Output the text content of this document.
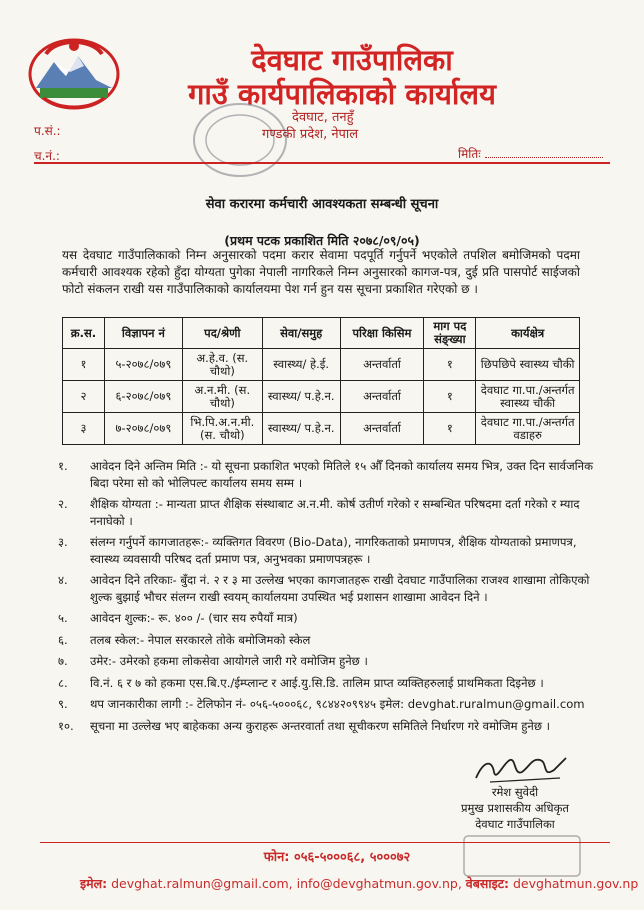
देवघाट गाउँपालिका
गाउँ कार्यपालिकाको कार्यालय
देवघाट, तनहुँ
गण्डकी प्रदेश, नेपाल
प.सं.:
च.नं.:	मितिः
सेवा करारमा कर्मचारी आवश्यकता सम्बन्धी सूचना
(प्रथम पटक प्रकाशित मिति २०७८/०९/०५)
यस देवघाट गाउँपालिकाको निम्न अनुसारको पदमा करार सेवामा पदपूर्ति गर्नुपर्ने भएकोले तपशिल बमोजिमको पदमा कर्मचारी आवश्यक रहेको हुँदा योग्यता पुगेका नेपाली नागरिकले निम्न अनुसारको कागज-पत्र, दुई प्रति पासपोर्ट साईजको फोटो संकलन राखी यस गाउँपालिकाको कार्यालयमा पेश गर्न हुन यस सूचना प्रकाशित गरेएको छ ।
क्र.स.	विज्ञापन नं	पद/श्रेणी	सेवा/समुह	परिक्षा किसिम	माग पद संङ्ख्या	कार्यक्षेत्र
१	५-२०७८/०७९	अ.हे.व. (स. चौथो)	स्वास्थ्य/ हे.ई.	अन्तर्वार्ता	१	छिपछिपे स्वास्थ्य चौकी
२	६-२०७८/०७९	अ.न.मी. (स. चौथो)	स्वास्थ्य/ प.हे.न.	अन्तर्वार्ता	१	देवघाट गा.पा./अन्तर्गत स्वास्थ्य चौकी
३	७-२०७८/०७९	भि.पि.अ.न.मी. (स. चौथो)	स्वास्थ्य/ प.हे.न.	अन्तर्वार्ता	१	देवघाट गा.पा./अन्तर्गत वडाहरु
१.	आवेदन दिने अन्तिम मिति :- यो सूचना प्रकाशित भएको मितिले १५ औँ दिनको कार्यालय समय भित्र, उक्त दिन सार्वजनिक बिदा परेमा सो को भोलिपल्ट कार्यालय समय सम्म ।
२.	शैक्षिक योग्यता :- मान्यता प्राप्त शैक्षिक संस्थाबाट अ.न.मी. कोर्ष उतीर्ण गरेको र सम्बन्धित परिषदमा दर्ता गरेको र म्याद ननाघेको ।
३.	संलग्न गर्नुपर्ने कागजातहरू:- व्यक्तिगत विवरण (Bio-Data), नागरिकताको प्रमाणपत्र, शैक्षिक योग्यताको प्रमाणपत्र, स्वास्थ्य व्यवसायी परिषद दर्ता प्रमाण पत्र, अनुभवका प्रमाणपत्रहरू ।
४.	आवेदन दिने तरिकाः- बुँदा नं. २ र ३ मा उल्लेख भएका कागजातहरू राखी देवघाट गाउँपालिका राजश्व शाखामा तोकिएको शुल्क बुझाई भौचर संलग्न राखी स्वयम् कार्यालयमा उपस्थित भई प्रशासन शाखामा आवेदन दिने ।
५.	आवेदन शुल्क:- रू. ४०० /- (चार सय रुपैयाँ मात्र)
६.	तलब स्केल:- नेपाल सरकारले तोके बमोजिमको स्केल
७.	उमेर:- उमेरको हकमा लोकसेवा आयोगले जारी गरे वमोजिम हुनेछ ।
८.	वि.नं. ६ र ७ को हकमा एस.बि.ए./ईम्प्लान्ट र आई.यु.सि.डि. तालिम प्राप्त व्यक्तिहरुलाई प्राथमिकता दिइनेछ ।
९.	थप जानकारीका लागी :- टेलिफोन नं- ०५६-५०००६८, ९८४४२०९९४५ इमेल: devghat.ruralmun@gmail.com
१०.	सूचना मा उल्लेख भए बाहेकका अन्य कुराहरू अन्तरवार्ता तथा सूचीकरण समितिले निर्धारण गरे वमोजिम हुनेछ ।
रमेश सुवेदी
प्रमुख प्रशासकीय अधिकृत
देवघाट गाउँपालिका
फोन: ०५६-५०००६८, ५०००७२
इमेल: devghat.ralmun@gmail.com, info@devghatmun.gov.np, वेबसाइट: devghatmun.gov.np
